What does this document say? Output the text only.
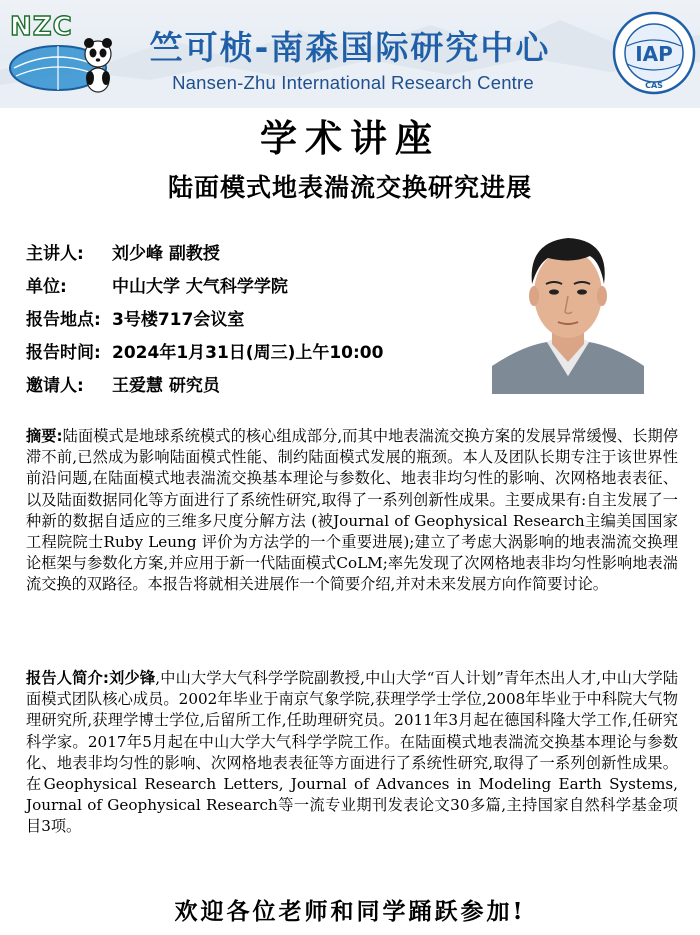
NZC
竺可桢-南森国际研究中心
Nansen-Zhu International Research Centre
IAP
CAS
学术讲座
陆面模式地表湍流交换研究进展
主讲人:	刘少峰 副教授
单位:	中山大学 大气科学学院
报告地点: 3号楼717会议室
报告时间: 2024年1月31日(周三)上午10:00
邀请人:	王爱慧 研究员
摘要:陆面模式是地球系统模式的核心组成部分,而其中地表湍流交换方案的发展异常缓慢、长期停滞不前,已然成为影响陆面模式性能、制约陆面模式发展的瓶颈。本人及团队长期专注于该世界性前沿问题,在陆面模式地表湍流交换基本理论与参数化、地表非均匀性的影响、次网格地表表征、以及陆面数据同化等方面进行了系统性研究,取得了一系列创新性成果。主要成果有:自主发展了一种新的数据自适应的三维多尺度分解方法 (被Journal of Geophysical Research主编美国国家工程院院士Ruby Leung 评价为方法学的一个重要进展);建立了考虑大涡影响的地表湍流交换理论框架与参数化方案,并应用于新一代陆面模式CoLM;率先发现了次网格地表非均匀性影响地表湍流交换的双路径。本报告将就相关进展作一个简要介绍,并对未来发展方向作简要讨论。
报告人简介:刘少锋,中山大学大气科学学院副教授,中山大学“百人计划”青年杰出人才,中山大学陆面模式团队核心成员。2002年毕业于南京气象学院,获理学学士学位,2008年毕业于中科院大气物理研究所,获理学博士学位,后留所工作,任助理研究员。2011年3月起在德国科隆大学工作,任研究科学家。2017年5月起在中山大学大气科学学院工作。在陆面模式地表湍流交换基本理论与参数化、地表非均匀性的影响、次网格地表表征等方面进行了系统性研究,取得了一系列创新性成果。在Geophysical Research Letters, Journal of Advances in Modeling Earth Systems, Journal of Geophysical Research等一流专业期刊发表论文30多篇,主持国家自然科学基金项目3项。
欢迎各位老师和同学踊跃参加!
